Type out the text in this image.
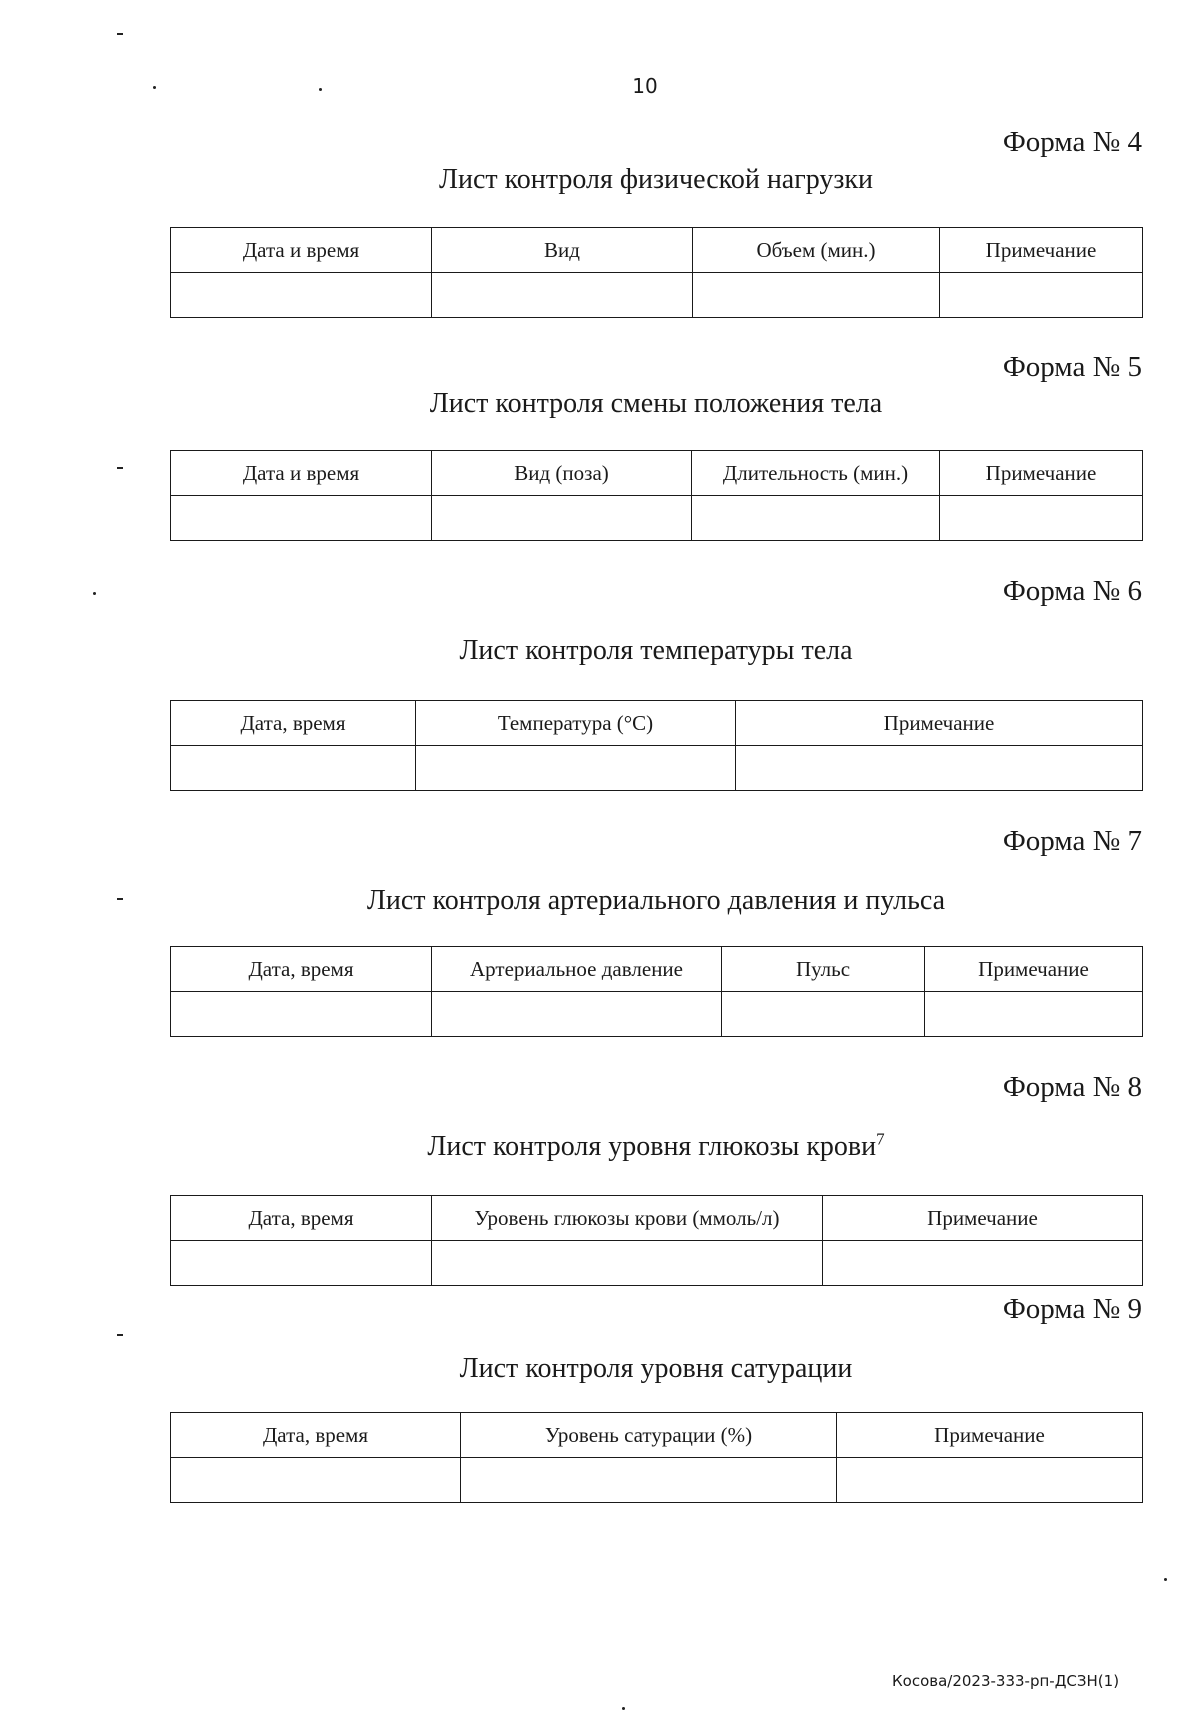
10
Форма № 4
Лист контроля физической нагрузки
Дата и время	Вид	Объем (мин.)	Примечание

Форма № 5
Лист контроля смены положения тела
Дата и время	Вид (поза)	Длительность (мин.)	Примечание

Форма № 6
Лист контроля температуры тела
Дата, время	Температура (°С)	Примечание

Форма № 7
Лист контроля артериального давления и пульса
Дата, время	Артериальное давление	Пульс	Примечание

Форма № 8
Лист контроля уровня глюкозы крови$^7$
Дата, время	Уровень глюкозы крови (ммоль/л)	Примечание

Форма № 9
Лист контроля уровня сатурации
Дата, время	Уровень сатурации (%)	Примечание

Косова/2023-333-рп-ДСЗН(1)
